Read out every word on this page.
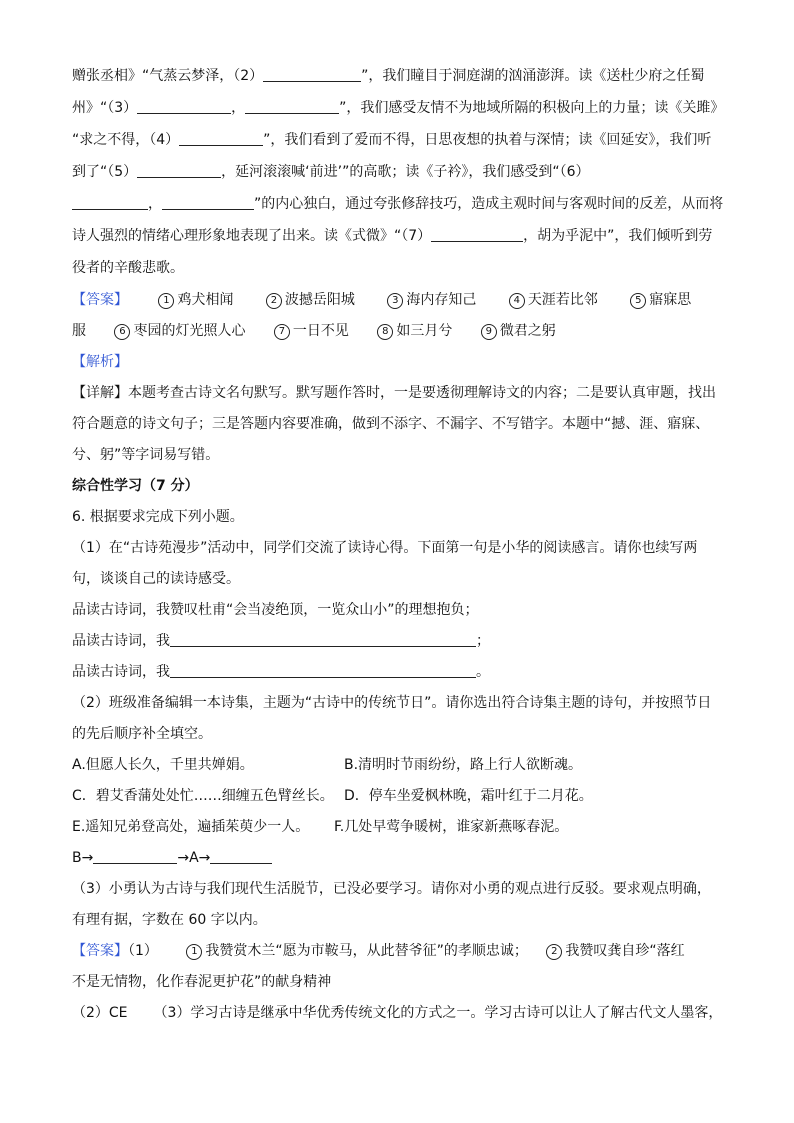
赠张丞相》“气蒸云梦泽，（2）	”，我们瞳目于洞庭湖的汹涌澎湃。读《送杜少府之任蜀
州》“（3）	，	”，我们感受友情不为地域所隔的积极向上的力量；读《关雎》
“求之不得，（4）	”，我们看到了爱而不得，日思夜想的执着与深情；读《回延安》，我们听
到了“（5）	，延河滚滚喊‘前进’”的高歌；读《子衿》，我们感受到“（6）
，	”的内心独白，通过夸张修辞技巧，造成主观时间与客观时间的反差，从而将
诗人强烈的情绪心理形象地表现了出来。读《式微》“（7）	，胡为乎泥中”，我们倾听到劳
役者的辛酸悲歌。
【答案】	1 鸡犬相闻	2 波撼岳阳城	3 海内存知己	4 天涯若比邻	5 寤寐思
服	6 枣园的灯光照人心	7 一日不见	8 如三月兮	9 微君之躬
【解析】
【详解】本题考查古诗文名句默写。默写题作答时，一是要透彻理解诗文的内容；二是要认真审题，找出
符合题意的诗文句子；三是答题内容要准确，做到不添字、不漏字、不写错字。本题中“撼、涯、寤寐、
兮、躬”等字词易写错。
综合性学习（7 分）
6. 根据要求完成下列小题。
（1）在“古诗苑漫步”活动中，同学们交流了读诗心得。下面第一句是小华的阅读感言。请你也续写两
句，谈谈自己的读诗感受。
品读古诗词，我赞叹杜甫“会当凌绝顶，一览众山小”的理想抱负；
品读古诗词，我	；
品读古诗词，我	。
（2）班级准备编辑一本诗集，主题为“古诗中的传统节日”。请你选出符合诗集主题的诗句，并按照节日
的先后顺序补全填空。
A.但愿人长久，千里共婵娟。	B.清明时节雨纷纷，路上行人欲断魂。
C．碧艾香蒲处处忙……细缠五色臂丝长。 D．停车坐爱枫林晚，霜叶红于二月花。
E.遥知兄弟登高处，遍插茱萸少一人。 F.几处早莺争暖树，谁家新燕啄春泥。
B→	→A→
（3）小勇认为古诗与我们现代生活脱节，已没必要学习。请你对小勇的观点进行反驳。要求观点明确，
有理有据，字数在 60 字以内。
【答案】（1）	1 我赞赏木兰“愿为市鞍马，从此替爷征”的孝顺忠诚； 2 我赞叹龚自珍“落红
不是无情物，化作春泥更护花”的献身精神
（2）CE （3）学习古诗是继承中华优秀传统文化的方式之一。学习古诗可以让人了解古代文人墨客，
